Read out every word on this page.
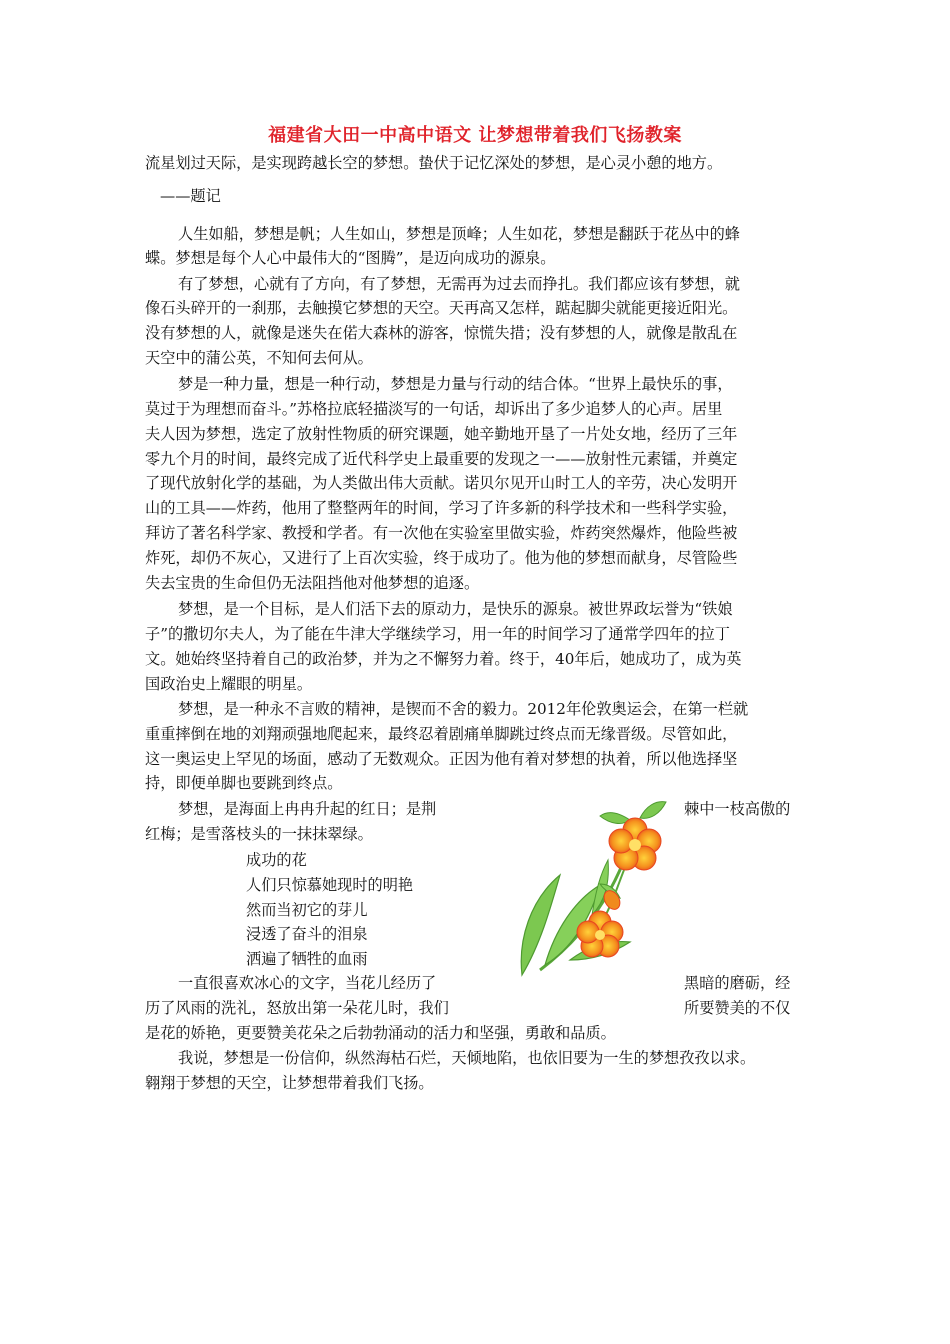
福建省大田一中高中语文 让梦想带着我们飞扬教案
流星划过天际，是实现跨越长空的梦想。蛰伏于记忆深处的梦想，是心灵小憩的地方。
——题记
人生如船，梦想是帆；人生如山，梦想是顶峰；人生如花，梦想是翻跃于花丛中的蜂
蝶。梦想是每个人心中最伟大的“图腾”，是迈向成功的源泉。
有了梦想，心就有了方向，有了梦想，无需再为过去而挣扎。我们都应该有梦想，就
像石头碎开的一刹那，去触摸它梦想的天空。天再高又怎样，踮起脚尖就能更接近阳光。
没有梦想的人，就像是迷失在偌大森林的游客，惊慌失措；没有梦想的人，就像是散乱在
天空中的蒲公英，不知何去何从。
梦是一种力量，想是一种行动，梦想是力量与行动的结合体。“世界上最快乐的事，
莫过于为理想而奋斗。”苏格拉底轻描淡写的一句话，却诉出了多少追梦人的心声。居里
夫人因为梦想，选定了放射性物质的研究课题，她辛勤地开垦了一片处女地，经历了三年
零九个月的时间，最终完成了近代科学史上最重要的发现之一——放射性元素镭，并奠定
了现代放射化学的基础，为人类做出伟大贡献。诺贝尔见开山时工人的辛劳，决心发明开
山的工具——炸药，他用了整整两年的时间，学习了许多新的科学技术和一些科学实验，
拜访了著名科学家、教授和学者。有一次他在实验室里做实验，炸药突然爆炸，他险些被
炸死，却仍不灰心，又进行了上百次实验，终于成功了。他为他的梦想而献身，尽管险些
失去宝贵的生命但仍无法阻挡他对他梦想的追逐。
梦想，是一个目标，是人们活下去的原动力，是快乐的源泉。被世界政坛誉为“铁娘
子”的撒切尔夫人，为了能在牛津大学继续学习，用一年的时间学习了通常学四年的拉丁
文。她始终坚持着自己的政治梦，并为之不懈努力着。终于，40年后，她成功了，成为英
国政治史上耀眼的明星。
梦想，是一种永不言败的精神，是锲而不舍的毅力。2012年伦敦奥运会，在第一栏就
重重摔倒在地的刘翔顽强地爬起来，最终忍着剧痛单脚跳过终点而无缘晋级。尽管如此，
这一奥运史上罕见的场面，感动了无数观众。正因为他有着对梦想的执着，所以他选择坚
持，即便单脚也要跳到终点。
梦想，是海面上冉冉升起的红日；是荆	棘中一枝高傲的
红梅；是雪落枝头的一抹抹翠绿。
成功的花
人们只惊慕她现时的明艳
然而当初它的芽儿
浸透了奋斗的泪泉
洒遍了牺牲的血雨
一直很喜欢冰心的文字，当花儿经历了	黑暗的磨砺，经
历了风雨的洗礼，怒放出第一朵花儿时，我们	所要赞美的不仅
是花的娇艳，更要赞美花朵之后勃勃涌动的活力和坚强，勇敢和品质。
我说，梦想是一份信仰，纵然海枯石烂，天倾地陷，也依旧要为一生的梦想孜孜以求。
翱翔于梦想的天空，让梦想带着我们飞扬。
